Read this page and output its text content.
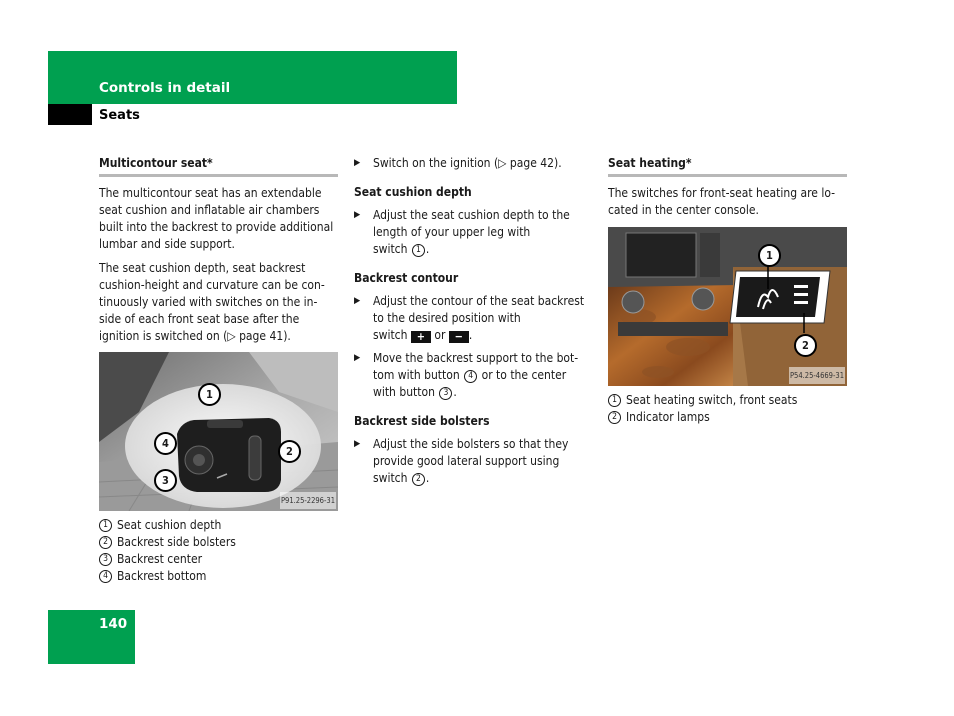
Controls in detail
Seats
Multicontour seat*

The multicontour seat has an extendable
seat cushion and inflatable air chambers
built into the backrest to provide additional
lumbar and side support.

The seat cushion depth, seat backrest
cushion-height and curvature can be con-
tinuously varied with switches on the in-
side of each front seat base after the
ignition is switched on (▷ page 41).

1
2
3
4
P91.25-2296-31
1 Seat cushion depth
2 Backrest side bolsters
3 Backrest center
4 Backrest bottom
▶	Switch on the ignition (▷ page 42).
Seat cushion depth
▶	Adjust the seat cushion depth to the
length of your upper leg with
switch 1 .
Backrest contour
▶	Adjust the contour of the seat backrest
to the desired position with
switch + or − .
▶	Move the backrest support to the bot-
tom with button 4 or to the center
with button 3 .
Backrest side bolsters
▶	Adjust the side bolsters so that they
provide good lateral support using
switch 2 .
Seat heating*

The switches for front-seat heating are lo-
cated in the center console.

1
2
P54.25-4669-31
1 Seat heating switch, front seats
2 Indicator lamps
140
